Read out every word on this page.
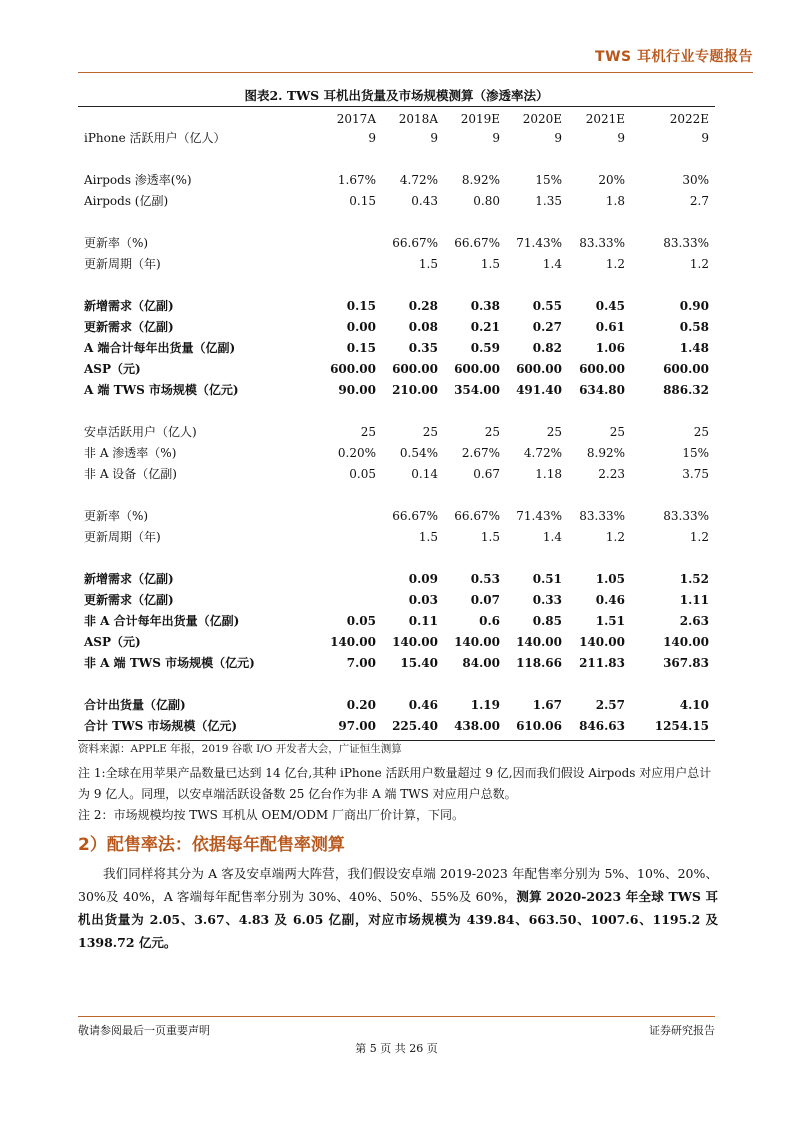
TWS 耳机行业专题报告
图表2. TWS 耳机出货量及市场规模测算（渗透率法）
	2017A	2018A	2019E	2020E	2021E	2022E
iPhone 活跃用户（亿人）	9	9	9	9	9	9

Airpods 渗透率(%)	1.67%	4.72%	8.92%	15%	20%	30%
Airpods (亿副)	0.15	0.43	0.80	1.35	1.8	2.7

更新率（%)		66.67%	66.67%	71.43%	83.33%	83.33%
更新周期（年)		1.5	1.5	1.4	1.2	1.2

新增需求（亿副)	0.15	0.28	0.38	0.55	0.45	0.90
更新需求（亿副)	0.00	0.08	0.21	0.27	0.61	0.58
A 端合计每年出货量（亿副)	0.15	0.35	0.59	0.82	1.06	1.48
ASP（元)	600.00	600.00	600.00	600.00	600.00	600.00
A 端 TWS 市场规模（亿元)	90.00	210.00	354.00	491.40	634.80	886.32

安卓活跃用户（亿人)	25	25	25	25	25	25
非 A 渗透率（%)	0.20%	0.54%	2.67%	4.72%	8.92%	15%
非 A 设备（亿副)	0.05	0.14	0.67	1.18	2.23	3.75

更新率（%)		66.67%	66.67%	71.43%	83.33%	83.33%
更新周期（年)		1.5	1.5	1.4	1.2	1.2

新增需求（亿副)		0.09	0.53	0.51	1.05	1.52
更新需求（亿副)		0.03	0.07	0.33	0.46	1.11
非 A 合计每年出货量（亿副)	0.05	0.11	0.6	0.85	1.51	2.63
ASP（元)	140.00	140.00	140.00	140.00	140.00	140.00
非 A 端 TWS 市场规模（亿元)	7.00	15.40	84.00	118.66	211.83	367.83

合计出货量（亿副)	0.20	0.46	1.19	1.67	2.57	4.10
合计 TWS 市场规模（亿元)	97.00	225.40	438.00	610.06	846.63	1254.15
资料来源：APPLE 年报，2019 谷歌 I/O 开发者大会，广证恒生测算
注 1:全球在用苹果产品数量已达到 14 亿台,其种 iPhone 活跃用户数量超过 9 亿,因而我们假设 Airpods 对应用户总计为 9 亿人。同理，以安卓端活跃设备数 25 亿台作为非 A 端 TWS 对应用户总数。
注 2：市场规模均按 TWS 耳机从 OEM/ODM 厂商出厂价计算，下同。
2）配售率法：依据每年配售率测算
我们同样将其分为 A 客及安卓端两大阵营，我们假设安卓端 2019-2023 年配售率分别为 5%、10%、20%、30%及 40%，A 客端每年配售率分别为 30%、40%、50%、55%及 60%，测算 2020-2023 年全球 TWS 耳机出货量为 2.05、3.67、4.83 及 6.05 亿副，对应市场规模为 439.84、663.50、1007.6、1195.2 及 1398.72 亿元。
敬请参阅最后一页重要声明	证券研究报告
第 5 页 共 26 页
